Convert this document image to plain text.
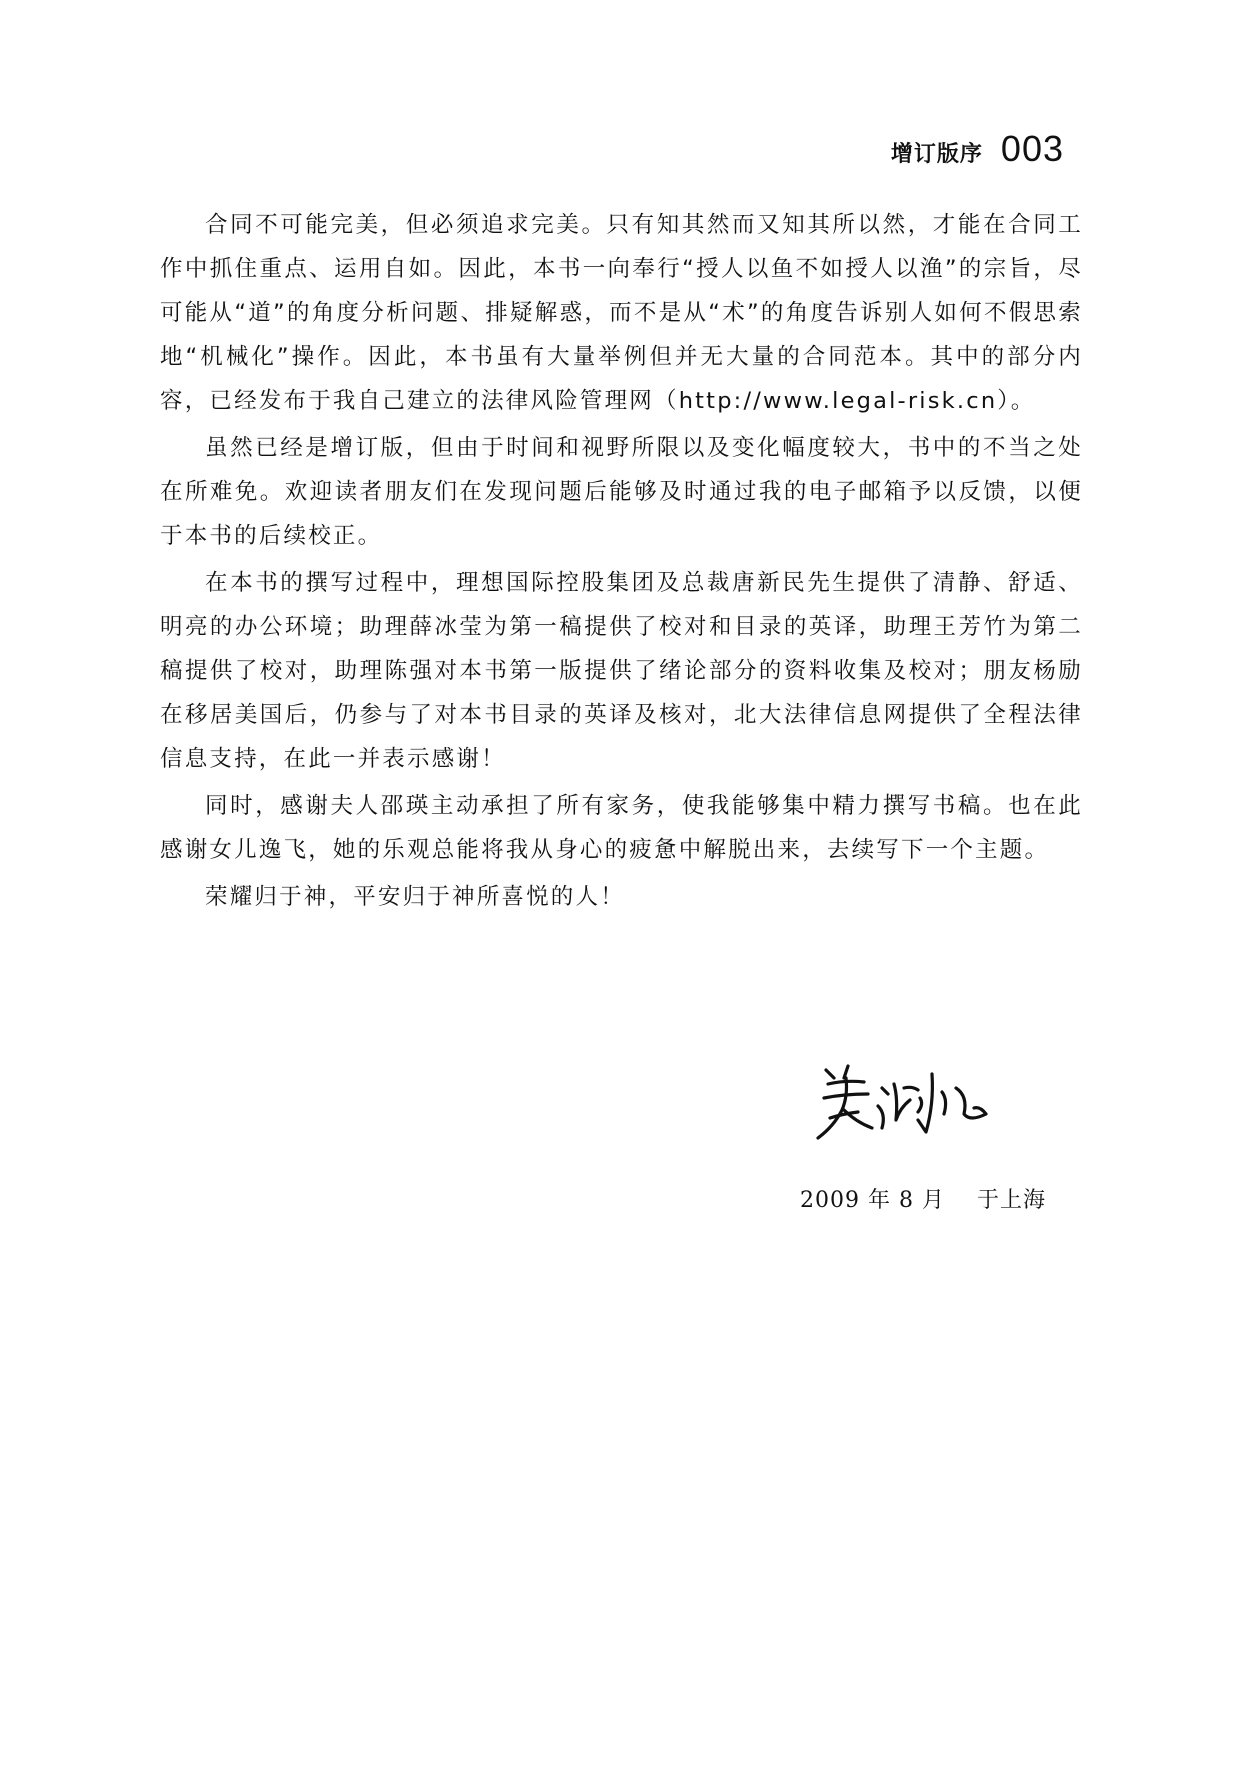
增订版序 003

合同不可能完美，但必须追求完美。只有知其然而又知其所以然，才能在合同工作中抓住重点、运用自如。因此，本书一向奉行“授人以鱼不如授人以渔”的宗旨，尽可能从“道”的角度分析问题、排疑解惑，而不是从“术”的角度告诉别人如何不假思索地“机械化”操作。因此，本书虽有大量举例但并无大量的合同范本。其中的部分内容，已经发布于我自己建立的法律风险管理网（http://www.legal-risk.cn）。

虽然已经是增订版，但由于时间和视野所限以及变化幅度较大，书中的不当之处在所难免。欢迎读者朋友们在发现问题后能够及时通过我的电子邮箱予以反馈，以便于本书的后续校正。

在本书的撰写过程中，理想国际控股集团及总裁唐新民先生提供了清静、舒适、明亮的办公环境；助理薛冰莹为第一稿提供了校对和目录的英译，助理王芳竹为第二稿提供了校对，助理陈强对本书第一版提供了绪论部分的资料收集及校对；朋友杨励在移居美国后，仍参与了对本书目录的英译及核对，北大法律信息网提供了全程法律信息支持，在此一并表示感谢！

同时，感谢夫人邵瑛主动承担了所有家务，使我能够集中精力撰写书稿。也在此感谢女儿逸飞，她的乐观总能将我从身心的疲惫中解脱出来，去续写下一个主题。

荣耀归于神，平安归于神所喜悦的人！

2009 年 8 月 于上海
